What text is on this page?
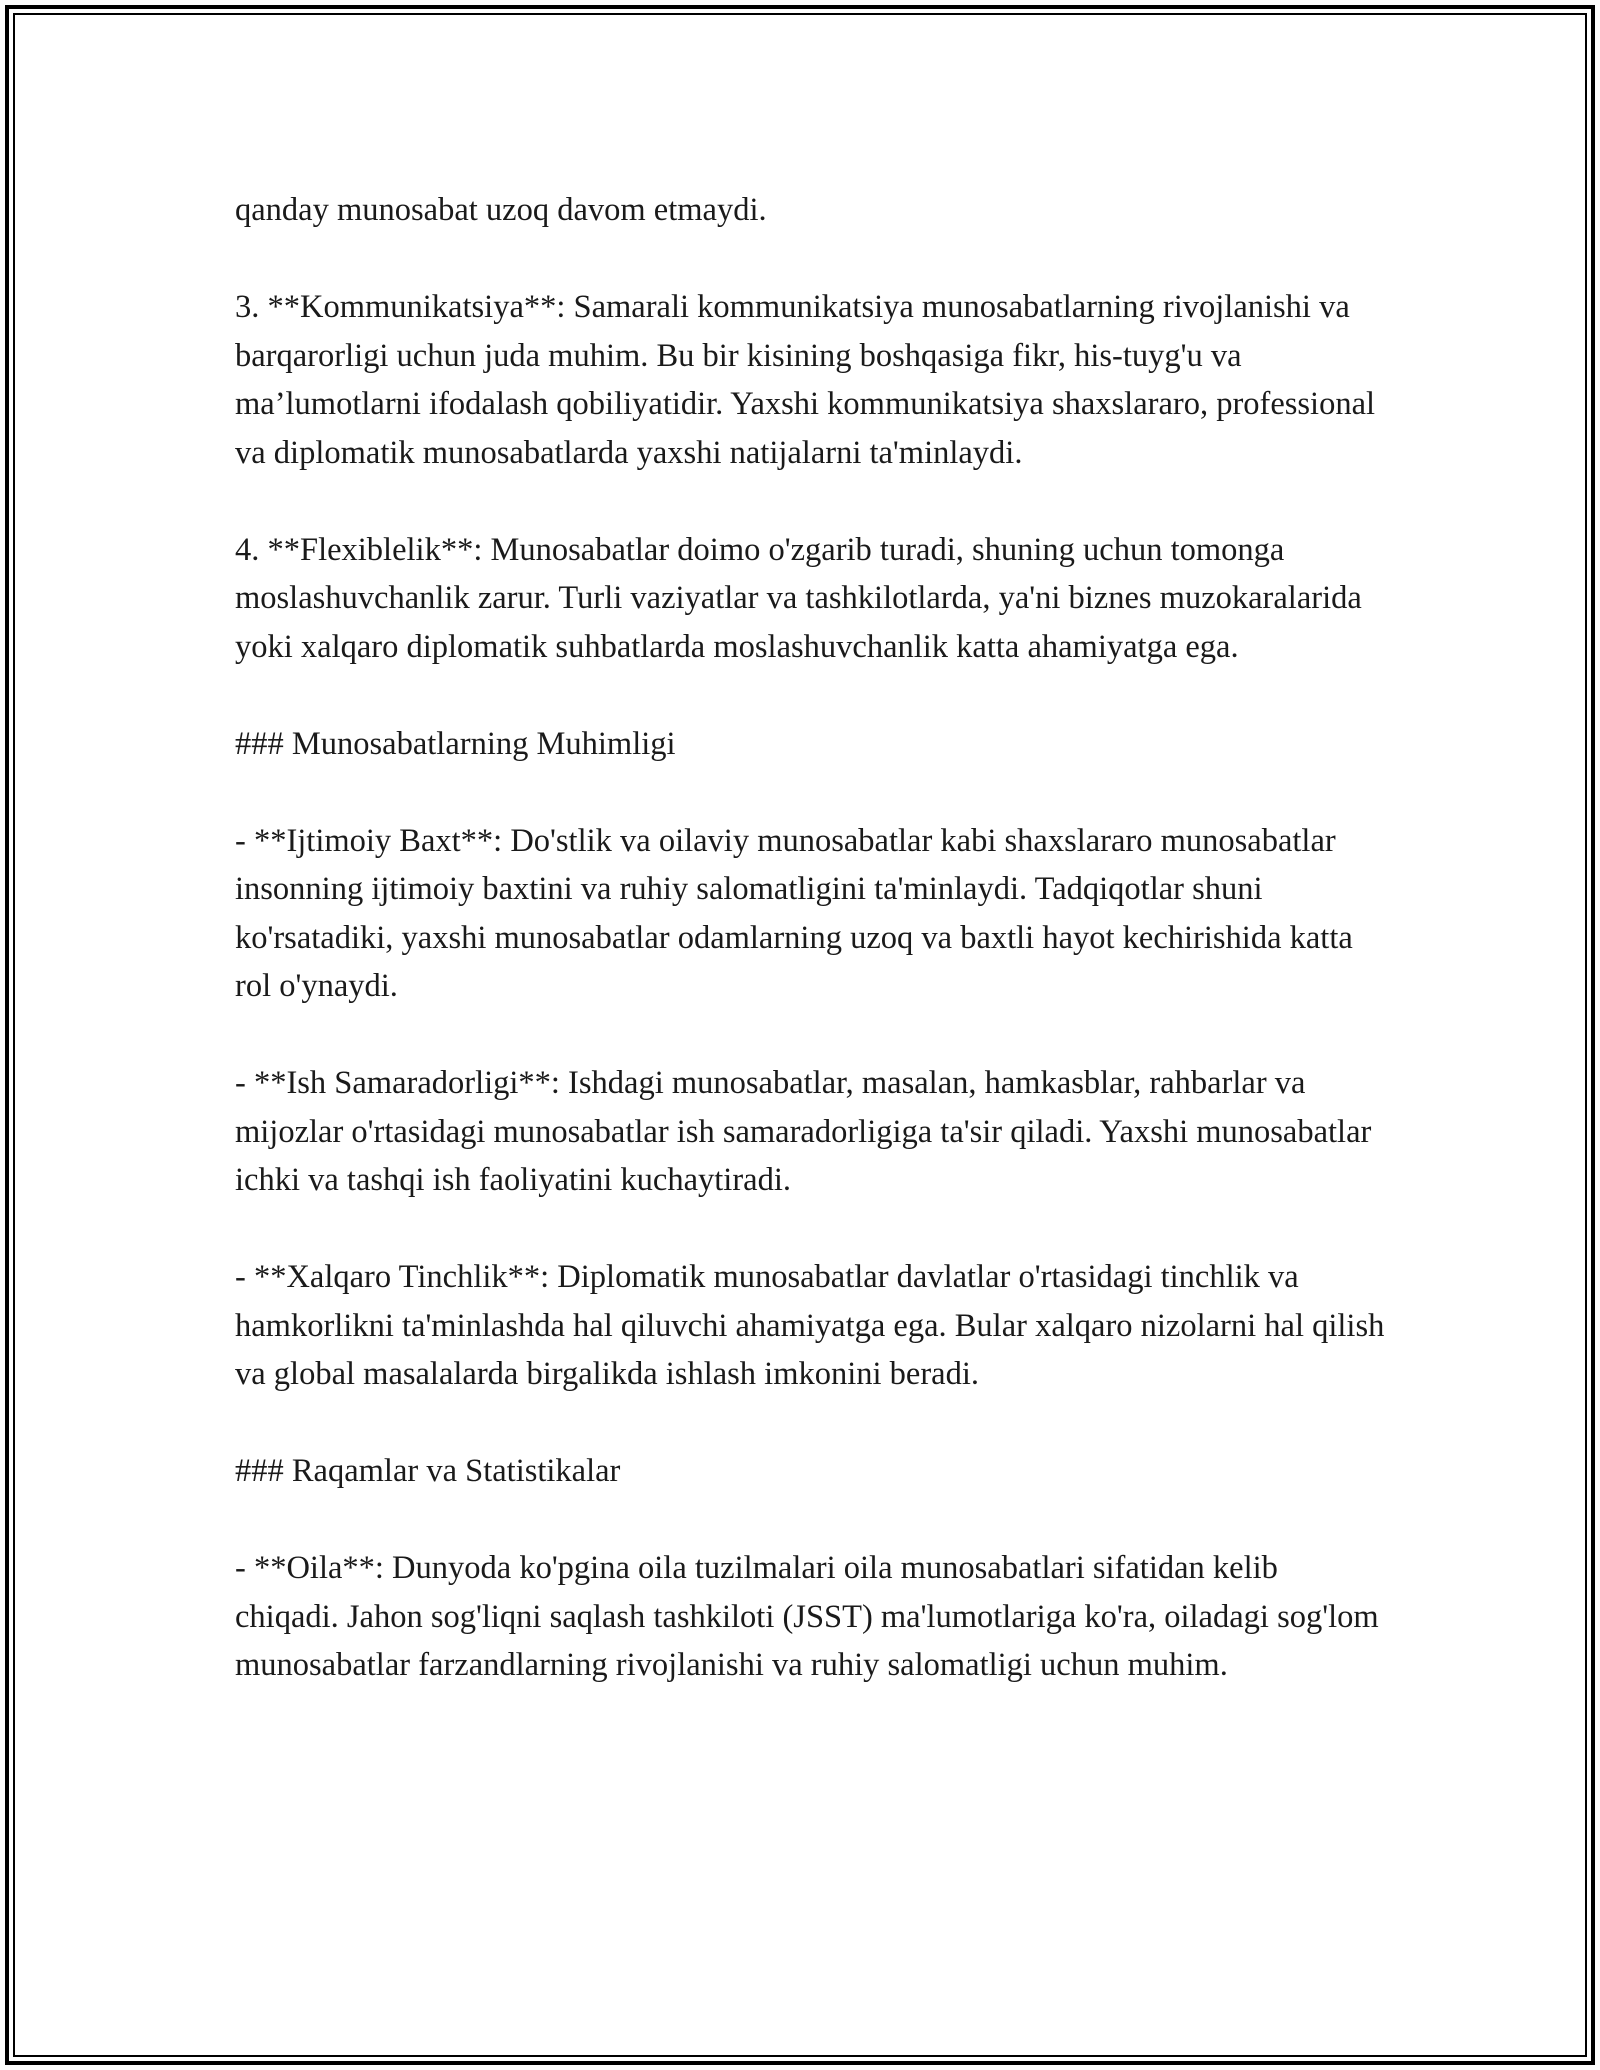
qanday munosabat uzoq davom etmaydi.

3. **Kommunikatsiya**: Samarali kommunikatsiya munosabatlarning rivojlanishi va barqarorligi uchun juda muhim. Bu bir kisining boshqasiga fikr, his-tuyg'u va ma’lumotlarni ifodalash qobiliyatidir. Yaxshi kommunikatsiya shaxslararo, professional va diplomatik munosabatlarda yaxshi natijalarni ta'minlaydi.

4. **Flexiblelik**: Munosabatlar doimo o'zgarib turadi, shuning uchun tomonga moslashuvchanlik zarur. Turli vaziyatlar va tashkilotlarda, ya'ni biznes muzokaralarida yoki xalqaro diplomatik suhbatlarda moslashuvchanlik katta ahamiyatga ega.

### Munosabatlarning Muhimligi

- **Ijtimoiy Baxt**: Do'stlik va oilaviy munosabatlar kabi shaxslararo munosabatlar insonning ijtimoiy baxtini va ruhiy salomatligini ta'minlaydi. Tadqiqotlar shuni ko'rsatadiki, yaxshi munosabatlar odamlarning uzoq va baxtli hayot kechirishida katta rol o'ynaydi.

- **Ish Samaradorligi**: Ishdagi munosabatlar, masalan, hamkasblar, rahbarlar va mijozlar o'rtasidagi munosabatlar ish samaradorligiga ta'sir qiladi. Yaxshi munosabatlar ichki va tashqi ish faoliyatini kuchaytiradi.

- **Xalqaro Tinchlik**: Diplomatik munosabatlar davlatlar o'rtasidagi tinchlik va hamkorlikni ta'minlashda hal qiluvchi ahamiyatga ega. Bular xalqaro nizolarni hal qilish va global masalalarda birgalikda ishlash imkonini beradi.

### Raqamlar va Statistikalar

- **Oila**: Dunyoda ko'pgina oila tuzilmalari oila munosabatlari sifatidan kelib chiqadi. Jahon sog'liqni saqlash tashkiloti (JSST) ma'lumotlariga ko'ra, oiladagi sog'lom munosabatlar farzandlarning rivojlanishi va ruhiy salomatligi uchun muhim.
